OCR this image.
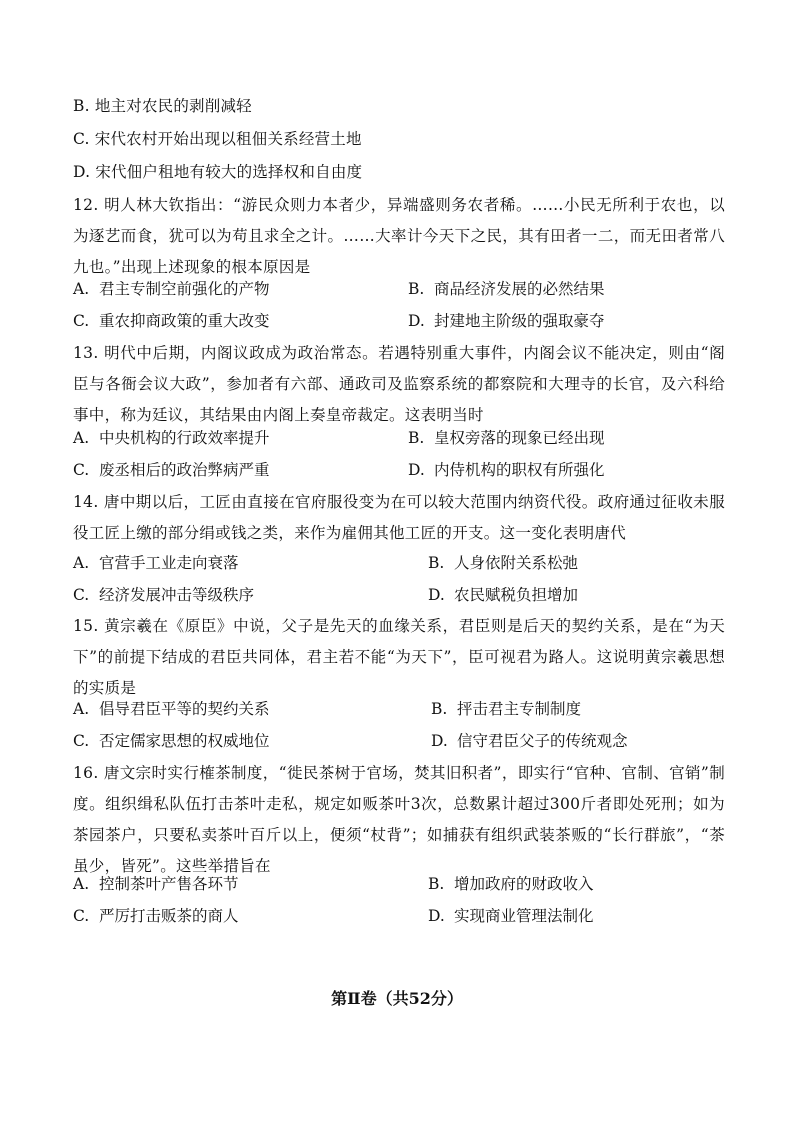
B. 地主对农民的剥削减轻
C. 宋代农村开始出现以租佃关系经营土地
D. 宋代佃户租地有较大的选择权和自由度
12. 明人林大钦指出：“游民众则力本者少，异端盛则务农者稀。……小民无所利于农也，以为逐艺而食，犹可以为苟且求全之计。……大率计今天下之民，其有田者一二，而无田者常八九也。”出现上述现象的根本原因是
A. 君主专制空前强化的产物	B. 商品经济发展的必然结果
C. 重农抑商政策的重大改变	D. 封建地主阶级的强取豪夺
13. 明代中后期，内阁议政成为政治常态。若遇特别重大事件，内阁会议不能决定，则由“阁臣与各衙会议大政”，参加者有六部、通政司及监察系统的都察院和大理寺的长官，及六科给事中，称为廷议，其结果由内阁上奏皇帝裁定。这表明当时
A. 中央机构的行政效率提升	B. 皇权旁落的现象已经出现
C. 废丞相后的政治弊病严重	D. 内侍机构的职权有所强化
14. 唐中期以后，工匠由直接在官府服役变为在可以较大范围内纳资代役。政府通过征收未服役工匠上缴的部分绢或钱之类，来作为雇佣其他工匠的开支。这一变化表明唐代
A. 官营手工业走向衰落	B. 人身依附关系松弛
C. 经济发展冲击等级秩序	D. 农民赋税负担增加
15. 黄宗羲在《原臣》中说，父子是先天的血缘关系，君臣则是后天的契约关系，是在“为天下”的前提下结成的君臣共同体，君主若不能“为天下”，臣可视君为路人。这说明黄宗羲思想的实质是
A. 倡导君臣平等的契约关系	B. 抨击君主专制制度
C. 否定儒家思想的权威地位	D. 信守君臣父子的传统观念
16. 唐文宗时实行榷茶制度，“徙民茶树于官场，焚其旧积者”，即实行“官种、官制、官销”制度。组织缉私队伍打击茶叶走私，规定如贩茶叶3次，总数累计超过300斤者即处死刑；如为茶园茶户，只要私卖茶叶百斤以上，便须“杖背”；如捕获有组织武装茶贩的“长行群旅”，“茶虽少，皆死”。这些举措旨在
A. 控制茶叶产售各环节	B. 增加政府的财政收入
C. 严厉打击贩茶的商人	D. 实现商业管理法制化
第Ⅱ卷（共52分）
